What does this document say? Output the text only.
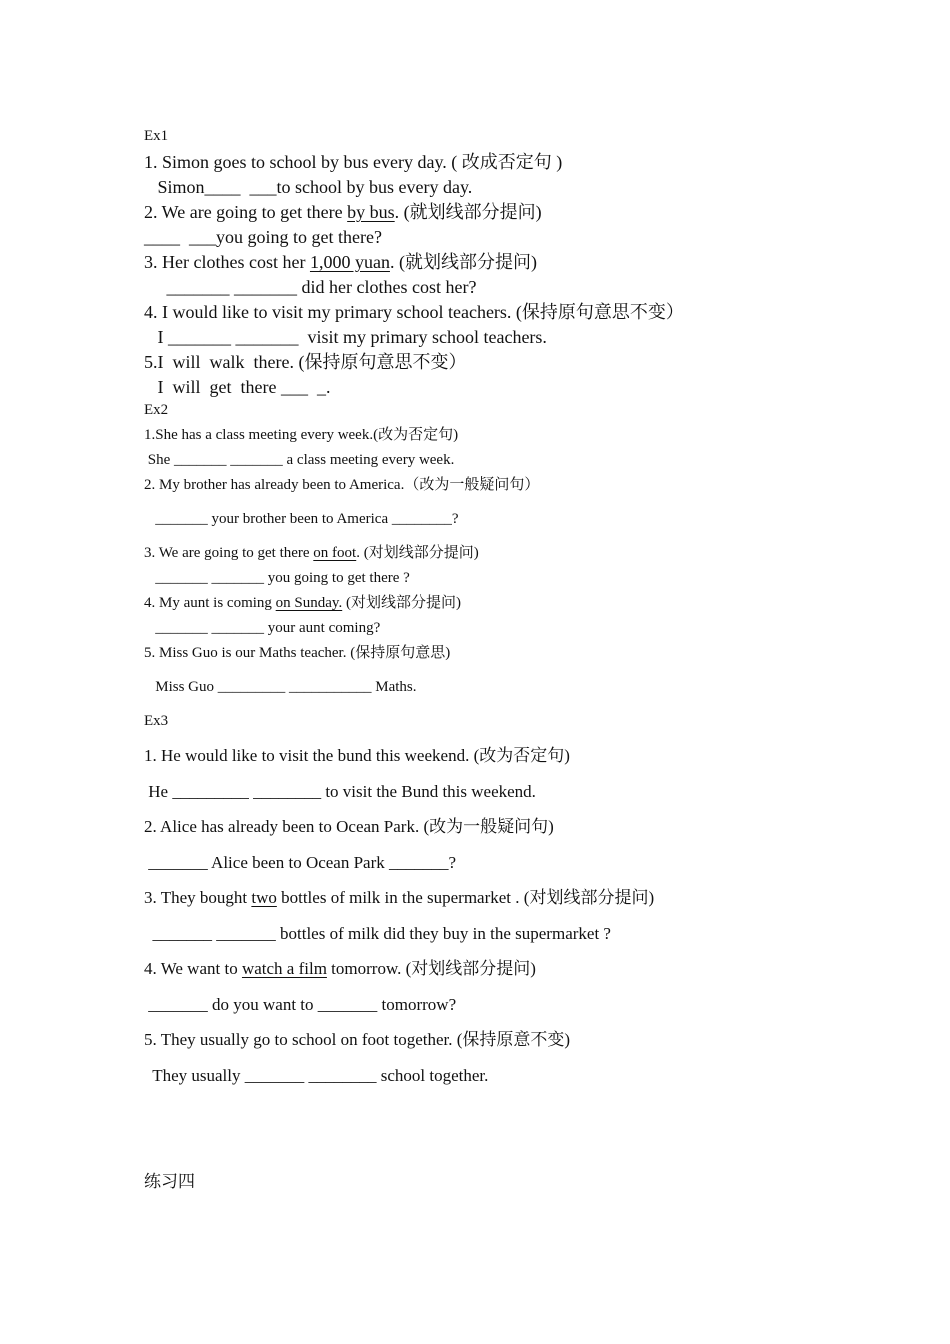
Ex1
1. Simon goes to school by bus every day. ( 改成否定句 )
Simon____  ___to school by bus every day.
2. We are going to get there by bus. (就划线部分提问)
____  ___you going to get there?
3. Her clothes cost her 1,000 yuan. (就划线部分提问)
_______ _______ did her clothes cost her?
4. I would like to visit my primary school teachers. (保持原句意思不变）
I _______ _______  visit my primary school teachers.
5.I  will  walk  there. (保持原句意思不变）
I  will  get  there ___  _.
Ex2
1.She has a class meeting every week.(改为否定句)
She _______ _______ a class meeting every week.
2. My brother has already been to America.（改为一般疑问句）
_______ your brother been to America ________?
3. We are going to get there on foot. (对划线部分提问)
_______ _______ you going to get there ?
4. My aunt is coming on Sunday. (对划线部分提问)
_______ _______ your aunt coming?
5. Miss Guo is our Maths teacher. (保持原句意思)
Miss Guo _________ ___________ Maths.
Ex3
1. He would like to visit the bund this weekend. (改为否定句)
He _________ ________ to visit the Bund this weekend.
2. Alice has already been to Ocean Park. (改为一般疑问句)
_______ Alice been to Ocean Park _______?
3. They bought two bottles of milk in the supermarket . (对划线部分提问)
_______ _______ bottles of milk did they buy in the supermarket ?
4. We want to watch a film tomorrow. (对划线部分提问)
_______ do you want to _______ tomorrow?
5. They usually go to school on foot together. (保持原意不变)
They usually _______ ________ school together.
练习四
